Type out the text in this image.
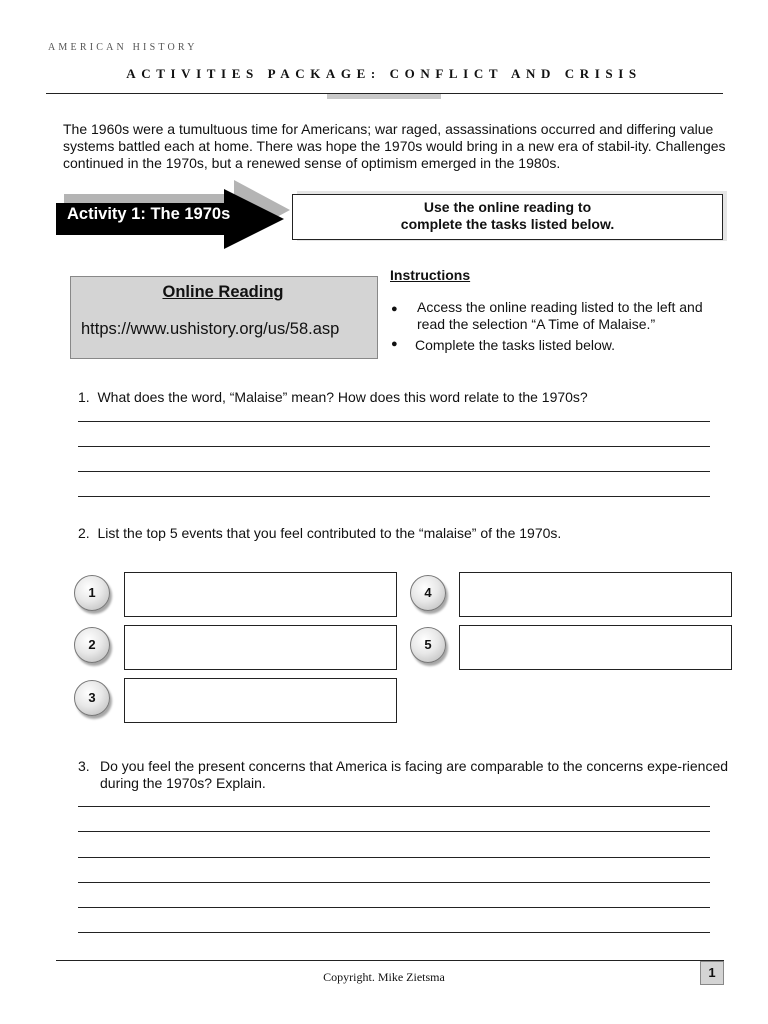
AMERICAN HISTORY
ACTIVITIES PACKAGE: CONFLICT AND CRISIS
The 1960s were a tumultuous time for Americans; war raged, assassinations occurred and differing value systems battled each at home. There was hope the 1970s would bring in a new era of stabil-ity. Challenges continued in the 1970s, but a renewed sense of optimism emerged in the 1980s.
Activity 1: The 1970s	Use the online reading to
complete the tasks listed below.
Online Reading
https://www.ushistory.org/us/58.asp
Instructions
● Access the online reading listed to the left and read the selection “A Time of Malaise.”
● Complete the tasks listed below.
1. What does the word, “Malaise” mean? How does this word relate to the 1970s?
2. List the top 5 events that you feel contributed to the “malaise” of the 1970s.
1
2
3
4
5
3. Do you feel the present concerns that America is facing are comparable to the concerns expe-rienced during the 1970s? Explain.
Copyright. Mike Zietsma	1
